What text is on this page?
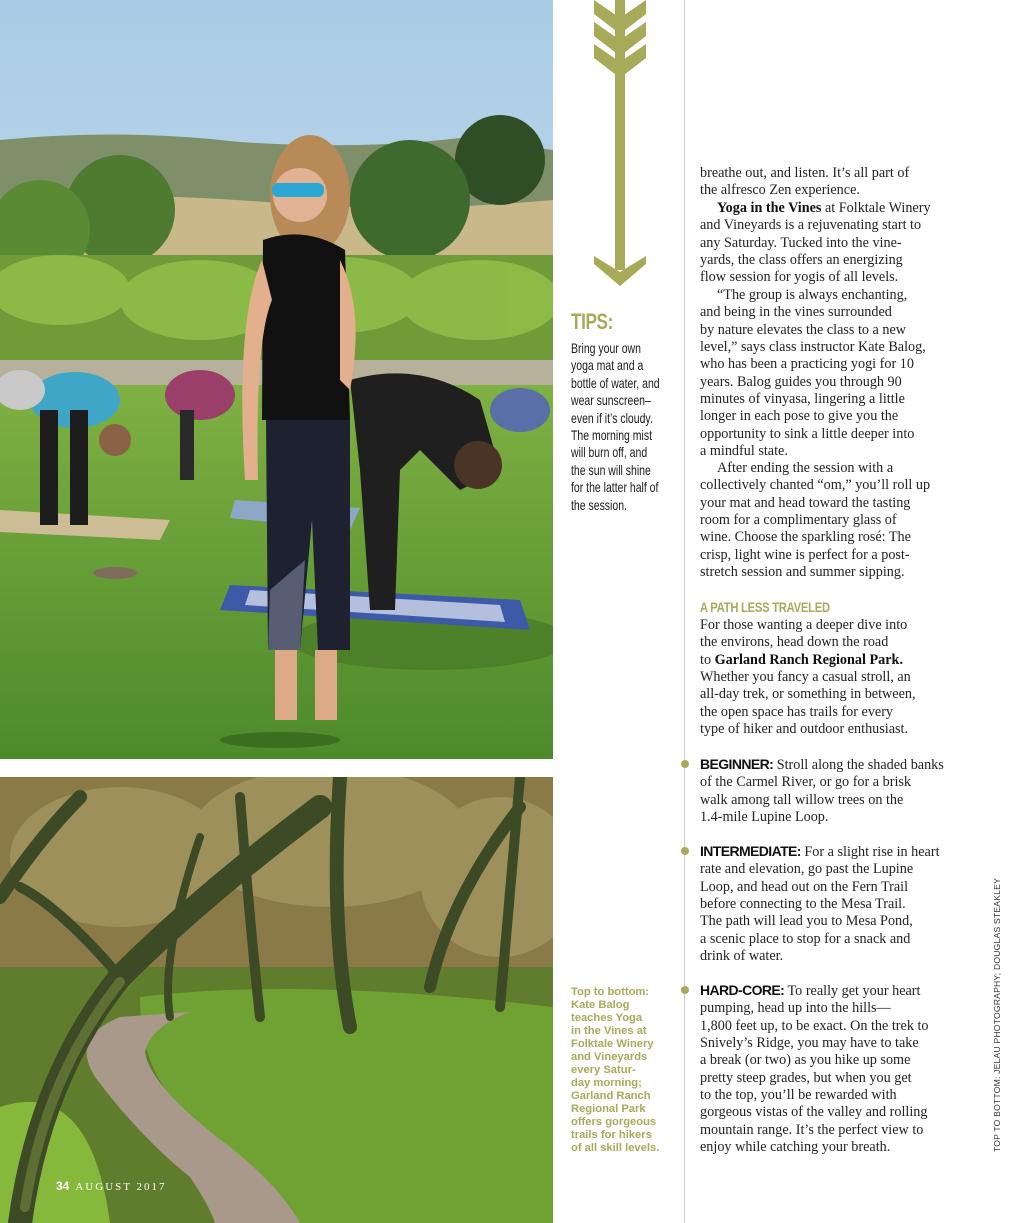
34 AUGUST 2017
TIPS:
Bring your own
yoga mat and a
bottle of water, and
wear sunscreen–
even if it’s cloudy.
The morning mist
will burn off, and
the sun will shine
for the latter half of
the session.
Top to bottom:
Kate Balog
teaches Yoga
in the Vines at
Folktale Winery
and Vineyards
every Satur-
day morning;
Garland Ranch
Regional Park
offers gorgeous
trails for hikers
of all skill levels.
breathe out, and listen. It’s all part of
the alfresco Zen experience.
Yoga in the Vines at Folktale Winery
and Vineyards is a rejuvenating start to
any Saturday. Tucked into the vine-
yards, the class offers an energizing
flow session for yogis of all levels.
“The group is always enchanting,
and being in the vines surrounded
by nature elevates the class to a new
level,” says class instructor Kate Balog,
who has been a practicing yogi for 10
years. Balog guides you through 90
minutes of vinyasa, lingering a little
longer in each pose to give you the
opportunity to sink a little deeper into
a mindful state.
After ending the session with a
collectively chanted “om,” you’ll roll up
your mat and head toward the tasting
room for a complimentary glass of
wine. Choose the sparkling rosé: The
crisp, light wine is perfect for a post-
stretch session and summer sipping.
A PATH LESS TRAVELED
For those wanting a deeper dive into
the environs, head down the road
to Garland Ranch Regional Park.
Whether you fancy a casual stroll, an
all-day trek, or something in between,
the open space has trails for every
type of hiker and outdoor enthusiast.
BEGINNER: Stroll along the shaded banks
of the Carmel River, or go for a brisk
walk among tall willow trees on the
1.4-mile Lupine Loop.
INTERMEDIATE: For a slight rise in heart
rate and elevation, go past the Lupine
Loop, and head out on the Fern Trail
before connecting to the Mesa Trail.
The path will lead you to Mesa Pond,
a scenic place to stop for a snack and
drink of water.
HARD-CORE: To really get your heart
pumping, head up into the hills—
1,800 feet up, to be exact. On the trek to
Snively’s Ridge, you may have to take
a break (or two) as you hike up some
pretty steep grades, but when you get
to the top, you’ll be rewarded with
gorgeous vistas of the valley and rolling
mountain range. It’s the perfect view to
enjoy while catching your breath.	TOP TO BOTTOM: JELAU PHOTOGRAPHY; DOUGLAS STEAKLEY
